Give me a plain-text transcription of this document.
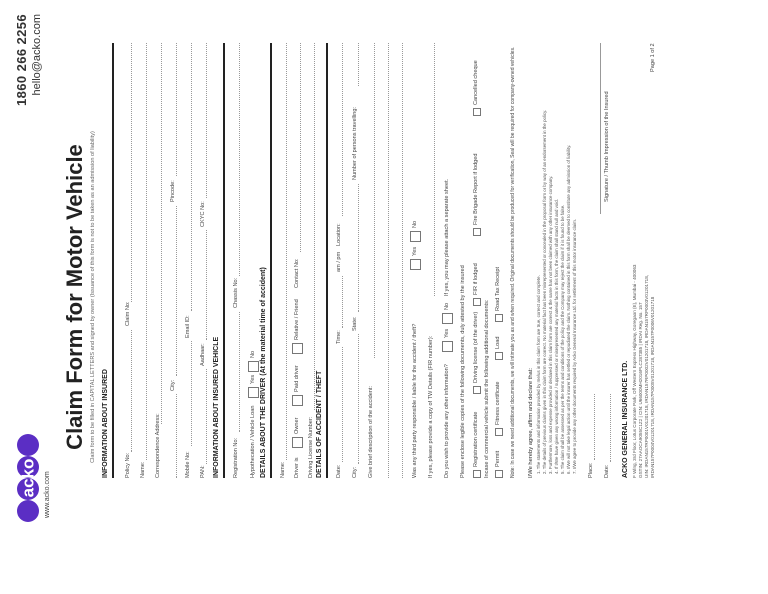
acko www.acko.com
1860 266 2256 hello@acko.com
Claim Form for Motor Vehicle Claim form to be filled in CAPITAL LETTERS and signed by owner (Issuance of this form is not to be taken as an admission of liability) INFORMATION ABOUT INSURED	Policy No:
Claim No:
Name: Correspondence Address:
City:
Pincode:
Mobile No:
Email ID:
PAN:
Aadhaar:
CKYC No:
INFORMATION ABOUT INSURED VEHICLE Registration No:
Chassis No:
Hypothecation / Vehicle Loan
Yes
No DETAILS ABOUT THE DRIVER (At the material time of accident) Name: Driver is
Owner
Paid driver
Relative / Friend
Contact No:
Driving License Number: DETAILS OF ACCIDENT / THEFT Date:
Time:
am / pm
Location:
City:
State:
Number of persons travelling:
Give brief description of the accident:	Was any third party responsible / liable for the accident / theft?
Yes
No
If yes, please provide a copy of TW Details (FIR number): Do you wish to provide any other information?
Yes
No
If yes, you may please attach a separate sheet.
Please enclose legible copies of the following documents, duly attested by the insured Registration certificate
Driving license (of the driver)
FIR if lodged
Fire Brigade Report if lodged
Cancelled cheque
Incase of commercial vehicle submit the following additional documents: Permit
Fitness certificate
Load
Road Tax Receipt Note: In case we need additional documents, we will intimate you as and when required. Original documents should be produced for verification, Seal will be required for company-owned vehicles. I/We hereby agree, affirm and declare that: 1. The statements and information provided by me/us in this claim form are true, correct and complete. 2. The details of previous claims given in this claim form are correct. No material fact has been misrepresented or concealed in the proposal form or by way of an endorsement in the policy. 3. Furthermore, loss and expense provided or declared in this claim form are correct & the same has not been claimed with any other insurance company. 4. If I/We have given any wrong information / suppressed or misrepresented any material facts in this form, the claim shall stand null and void. 5. The claim shall be assessed as per the terms and conditions of the policy and the Company may reject the claim if it is found to be false. 6. I/We will not take legal action until the insurer has settled or repudiated the claim. Nothing contained in this form shall be deemed to constitute any admission of liability. 7. I/We agree to provide any other documents required by Acko General Insurance Ltd. for settlement of this motor insurance claim. Place: Date:
Signature / Thumb Impression of the Insured
ACKO GENERAL INSURANCE LTD. F Wing, 3rd Floor, Lotus Corporate Park, Off Western Express Highway, Goregaon (E), Mumbai - 400063 GSTIN: 27AAOCA9055C1Z2 | CIN: U66000MH2016PLC287385 | IRDAI Reg. No. 157 UIN: IRDAN157RP0001V01201718, IRDAN157RP0002V01201718, IRDAN157RP0003V01201718, IRDAN157P0004V01201718, IRDAN157P0005V01201718, IRDAN157P0006V01201718
Page 1 of 2
